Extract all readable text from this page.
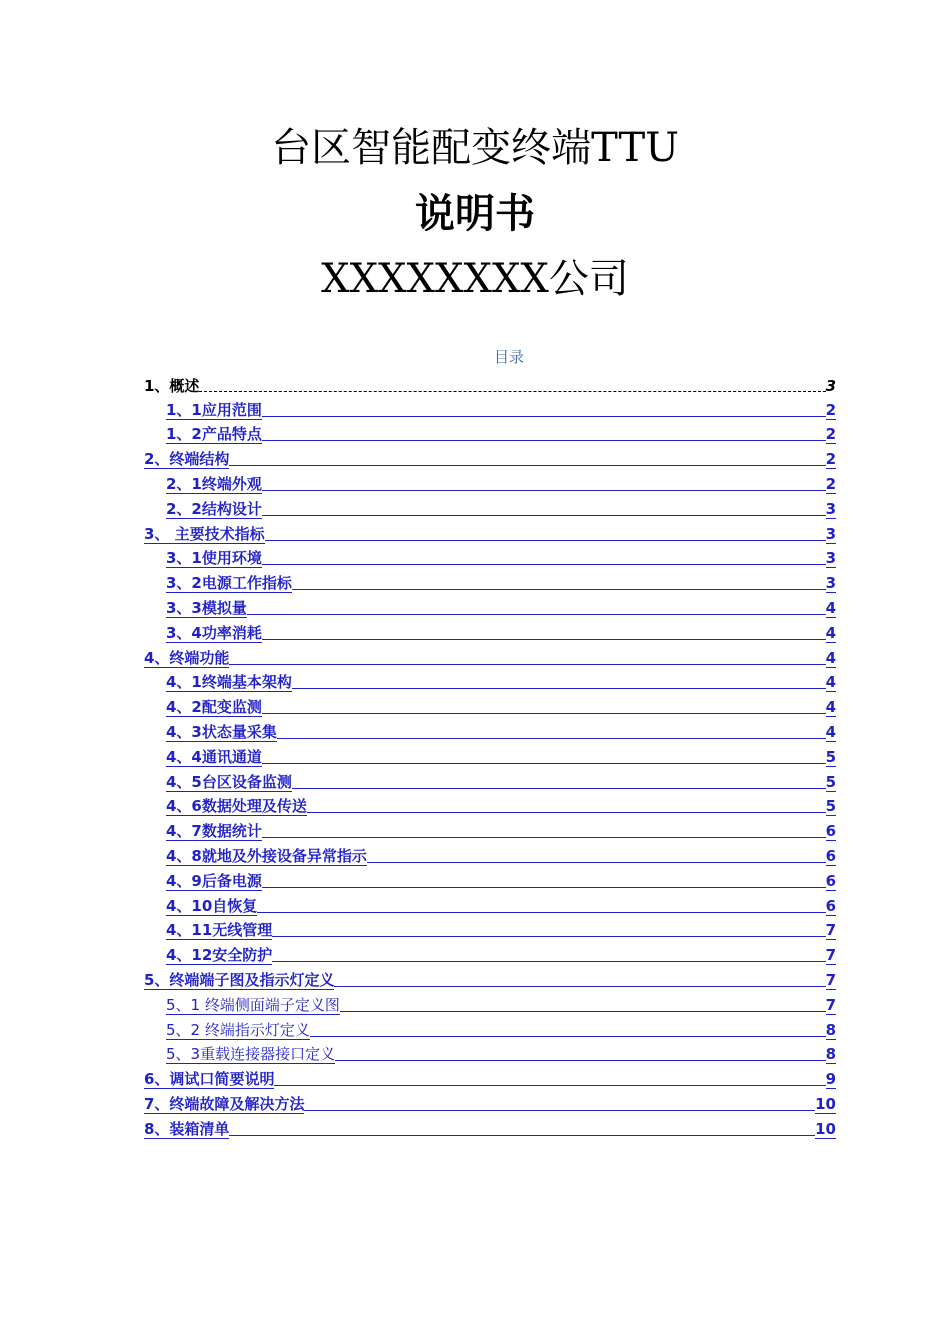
台区智能配变终端TTU
说明书
XXXXXXXX公司
目录
1、概述	3
1、1应用范围	2
1、2产品特点	2
2、终端结构	2
2、1终端外观	2
2、2结构设计	3
3、 主要技术指标	3
3、1使用环境	3
3、2电源工作指标	3
3、3模拟量	4
3、4功率消耗	4
4、终端功能	4
4、1终端基本架构	4
4、2配变监测	4
4、3状态量采集	4
4、4通讯通道	5
4、5台区设备监测	5
4、6数据处理及传送	5
4、7数据统计	6
4、8就地及外接设备异常指示	6
4、9后备电源	6
4、10自恢复	6
4、11无线管理	7
4、12安全防护	7
5、终端端子图及指示灯定义	7
5、1 终端侧面端子定义图	7
5、2 终端指示灯定义	8
5、3重载连接器接口定义	8
6、调试口简要说明	9
7、终端故障及解决方法	10
8、装箱清单	10
